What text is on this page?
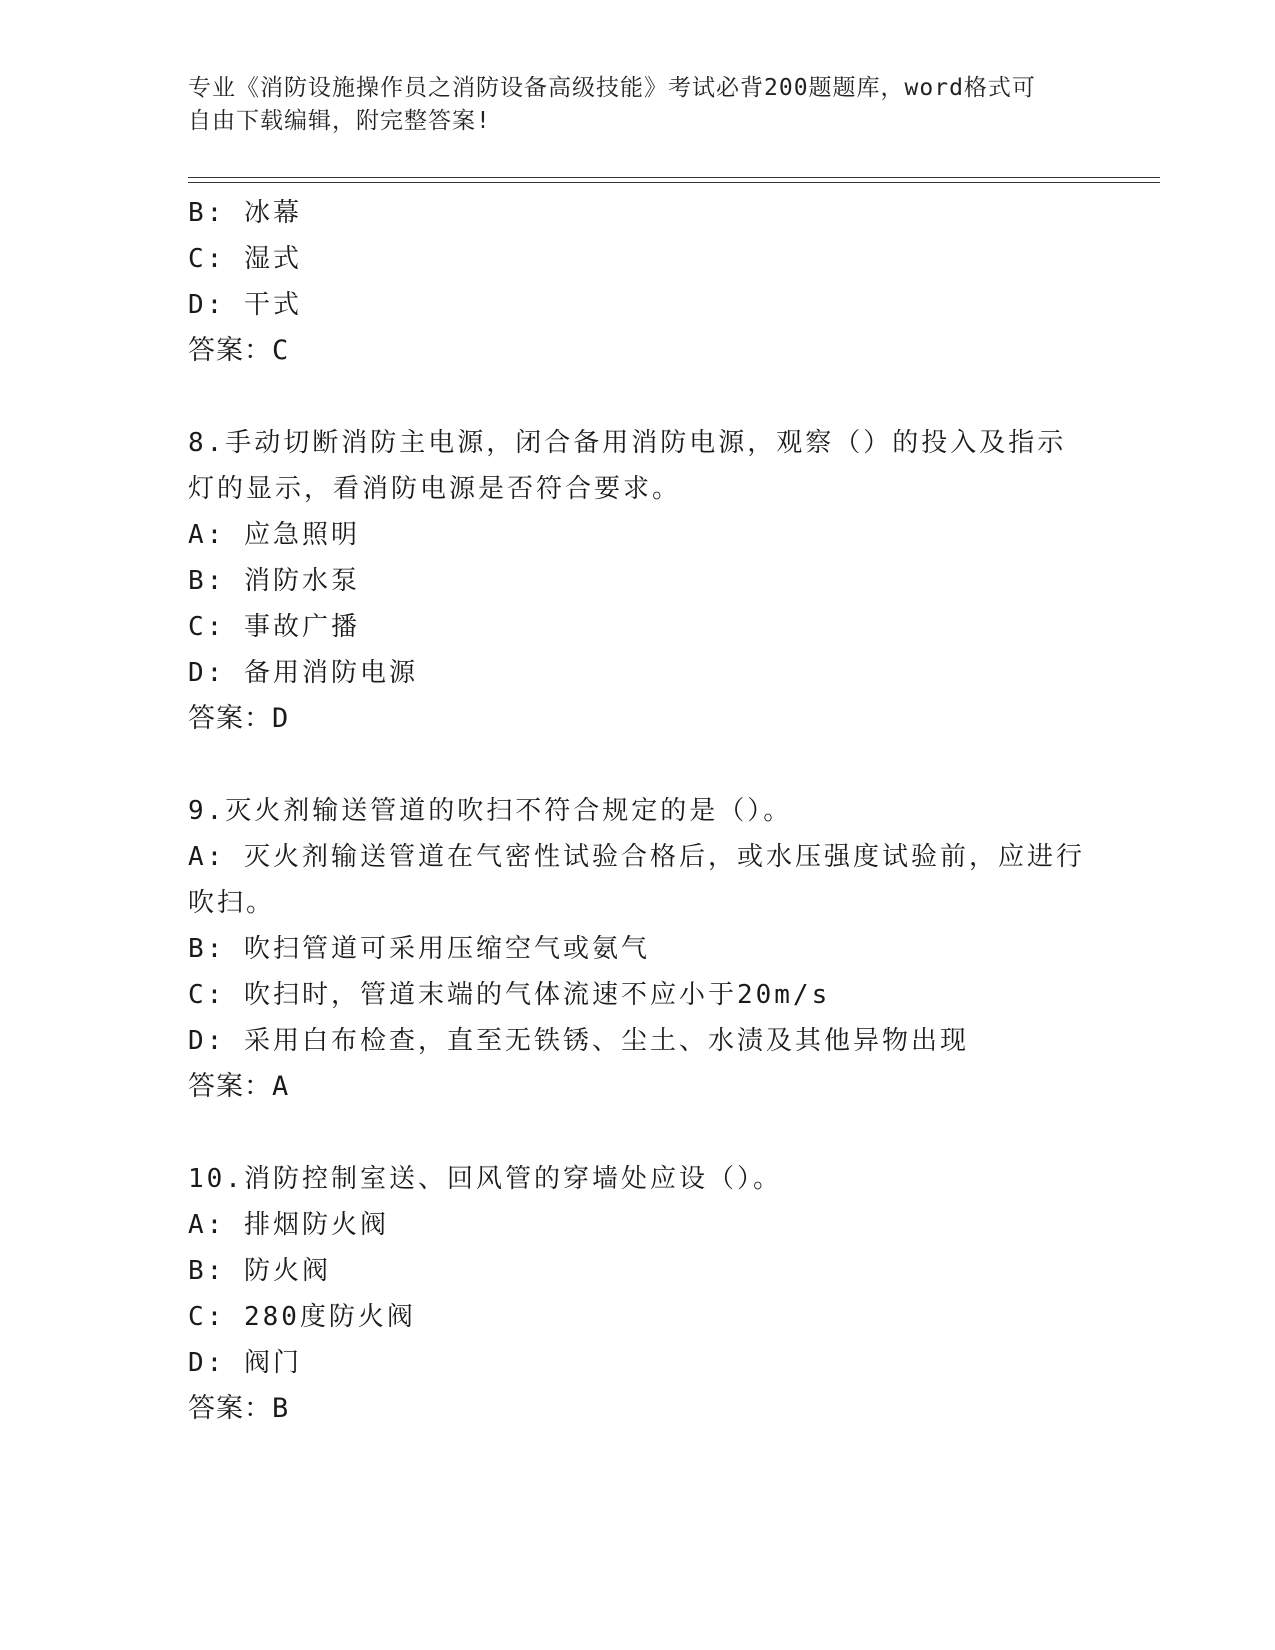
专业《消防设施操作员之消防设备高级技能》考试必背200题题库，word格式可
自由下载编辑，附完整答案!
B: 冰幕
C: 湿式
D: 干式
答案：C
8.手动切断消防主电源，闭合备用消防电源，观察（）的投入及指示
灯的显示，看消防电源是否符合要求。
A: 应急照明
B: 消防水泵
C: 事故广播
D: 备用消防电源
答案：D
9.灭火剂输送管道的吹扫不符合规定的是（）。
A: 灭火剂输送管道在气密性试验合格后，或水压强度试验前，应进行
吹扫。
B: 吹扫管道可采用压缩空气或氨气
C: 吹扫时，管道末端的气体流速不应小于20m/s
D: 采用白布检查，直至无铁锈、尘土、水渍及其他异物出现
答案：A
10.消防控制室送、回风管的穿墙处应设（）。
A: 排烟防火阀
B: 防火阀
C: 280度防火阀
D: 阀门
答案：B
